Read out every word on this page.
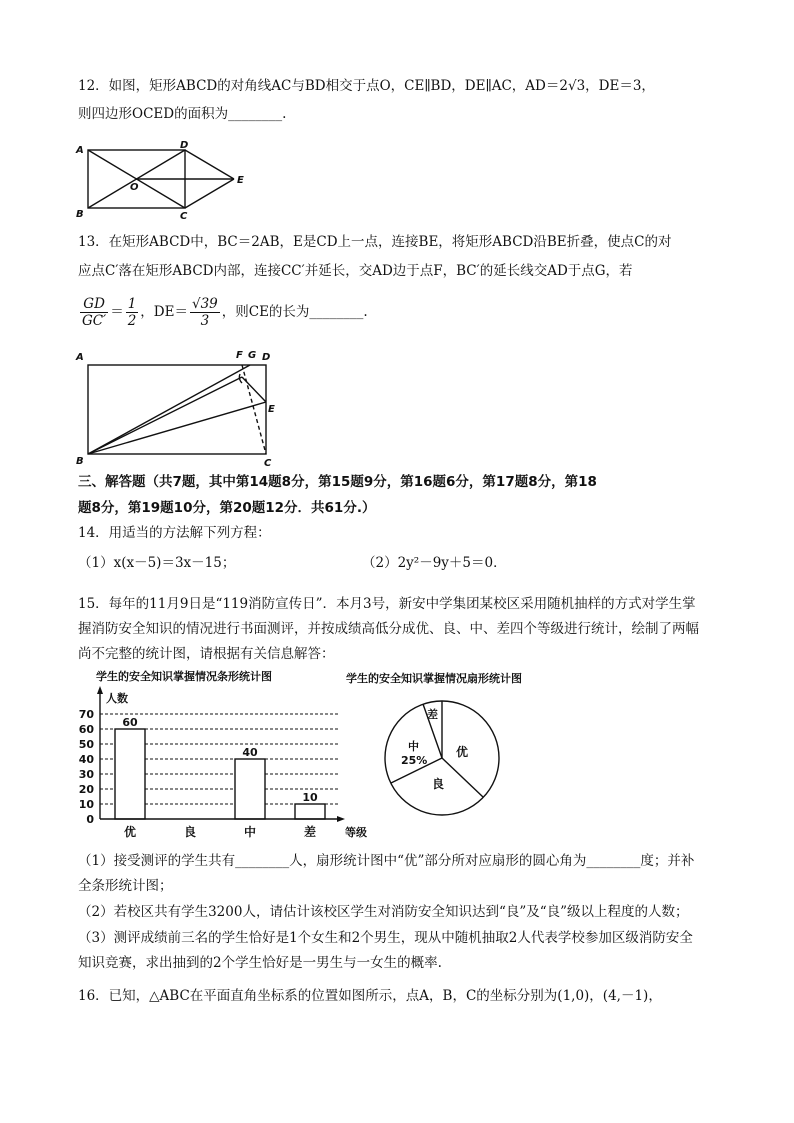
12．如图，矩形ABCD的对角线AC与BD相交于点O，CE∥BD，DE∥AC，AD＝2√3，DE＝3，
则四边形OCED的面积为________.
A	D
O
E
B	C
13．在矩形ABCD中，BC＝2AB，E是CD上一点，连接BE，将矩形ABCD沿BE折叠，使点C的对
应点C′落在矩形ABCD内部，连接CC′并延长，交AD边于点F，BC′的延长线交AD于点G，若
$\frac{GD}{GC'} = \frac{1}{2}$ ，$DE= \frac{√39}{3}$ ，则CE的长为________.
A	F G D
E
B	C
三、解答题（共7题，其中第14题8分，第15题9分，第16题6分，第17题8分，第18
题8分，第19题10分，第20题12分．共61分.）
14．用适当的方法解下列方程：
（1）x(x－5)＝3x－15；	（2）2y²－9y＋5＝0．
15．每年的11月9日是“119消防宣传日”．本月3号，新安中学集团某校区采用随机抽样的方式对学生掌
握消防安全知识的情况进行书面测评，并按成绩高低分成优、良、中、差四个等级进行统计，绘制了两幅
尚不完整的统计图，请根据有关信息解答：
学生的安全知识掌握情况条形统计图
人数
等级
0
10
20
30
40
50
60
70
60
优	良
40
中
10
差
学生的安全知识掌握情况扇形统计图
差
优
良
中
25%
（1）接受测评的学生共有________人，扇形统计图中“优”部分所对应扇形的圆心角为________度；并补
全条形统计图；
（2）若校区共有学生3200人，请估计该校区学生对消防安全知识达到“良”及“良”级以上程度的人数；
（3）测评成绩前三名的学生恰好是1个女生和2个男生，现从中随机抽取2人代表学校参加区级消防安全
知识竞赛，求出抽到的2个学生恰好是一男生与一女生的概率.
16．已知，△ABC在平面直角坐标系的位置如图所示，点A，B，C的坐标分别为(1,0)，(4,－1)，
